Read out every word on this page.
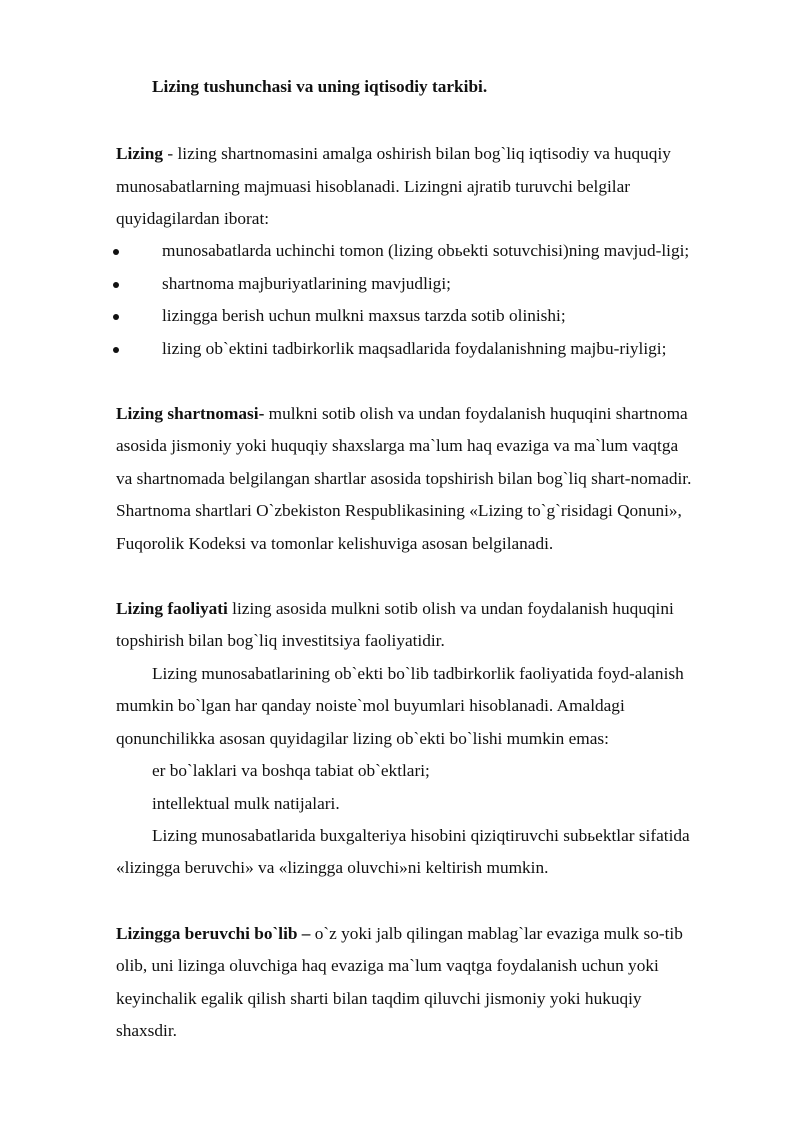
Lizing tushunchasi va uning iqtisodiy tarkibi.
Lizing - lizing shartnomasini amalga oshirish bilan bog`liq iqtisodiy va huquqiy
munosabatlarning majmuasi hisoblanadi. Lizingni ajratib turuvchi belgilar
quyidagilardan iborat:
munosabatlarda uchinchi tomon (lizing obьekti sotuvchisi)ning mavjud-ligi;
shartnoma majburiyatlarining mavjudligi;
lizingga berish uchun mulkni maxsus tarzda sotib olinishi;
lizing ob`ektini tadbirkorlik maqsadlarida foydalanishning majbu-riyligi;
Lizing shartnomasi- mulkni sotib olish va undan foydalanish huquqini shartnoma
asosida jismoniy yoki huquqiy shaxslarga ma`lum haq evaziga va ma`lum vaqtga
va shartnomada belgilangan shartlar asosida topshirish bilan bog`liq shart-nomadir.
Shartnoma shartlari O`zbekiston Respublikasining «Lizing to`g`risidagi Qonuni»,
Fuqorolik Kodeksi va tomonlar kelishuviga asosan belgilanadi.
Lizing faoliyati lizing asosida mulkni sotib olish va undan foydalanish huquqini
topshirish bilan bog`liq investitsiya faoliyatidir.
Lizing munosabatlarining ob`ekti bo`lib tadbirkorlik faoliyatida foyd-alanish
mumkin bo`lgan har qanday noiste`mol buyumlari hisoblanadi. Amaldagi
qonunchilikka asosan quyidagilar lizing ob`ekti bo`lishi mumkin emas:
er bo`laklari va boshqa tabiat ob`ektlari;
intellektual mulk natijalari.
Lizing munosabatlarida buxgalteriya hisobini qiziqtiruvchi subьektlar sifatida
«lizingga beruvchi» va «lizingga oluvchi»ni keltirish mumkin.
Lizingga beruvchi bo`lib – o`z yoki jalb qilingan mablag`lar evaziga mulk so-tib
olib, uni lizinga oluvchiga haq evaziga ma`lum vaqtga foydalanish uchun yoki
keyinchalik egalik qilish sharti bilan taqdim qiluvchi jismoniy yoki hukuqiy
shaxsdir.
